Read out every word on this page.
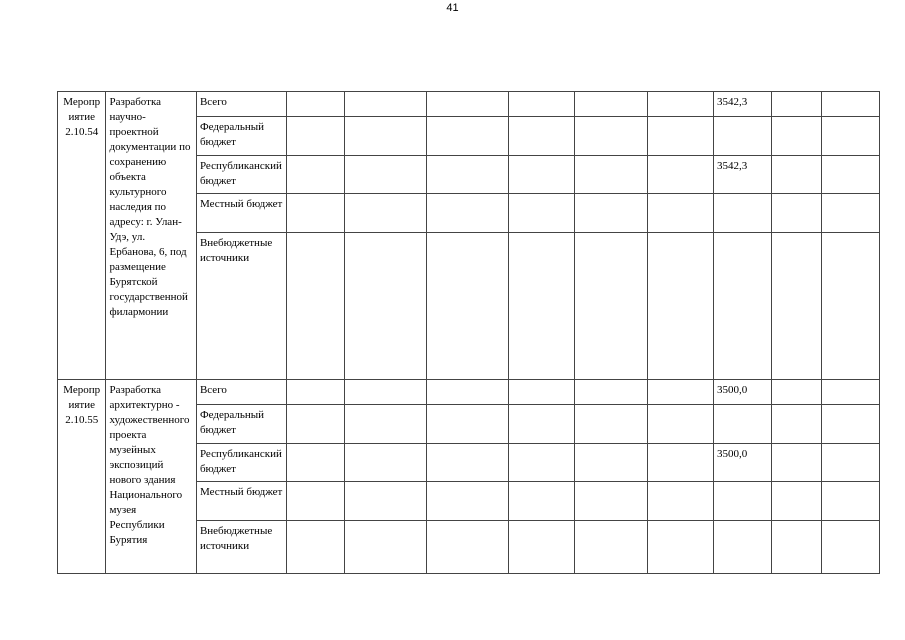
41
Мероприятие 2.10.54	Разработка научно-проектной документации по сохранению объекта культурного наследия по адресу: г. Улан-Удэ, ул. Ербанова, 6, под размещение Бурятской государственной филармонии	Всего							3542,3		
		Федеральный бюджет									
		Республиканский бюджет							3542,3		
		Местный бюджет									
		Внебюджетные источники									
Мероприятие 2.10.55	Разработка архитектурно - художественного проекта музейных экспозиций нового здания Национального музея Республики Бурятия	Всего							3500,0		
		Федеральный бюджет									
		Республиканский бюджет							3500,0		
		Местный бюджет									
		Внебюджетные источники									
